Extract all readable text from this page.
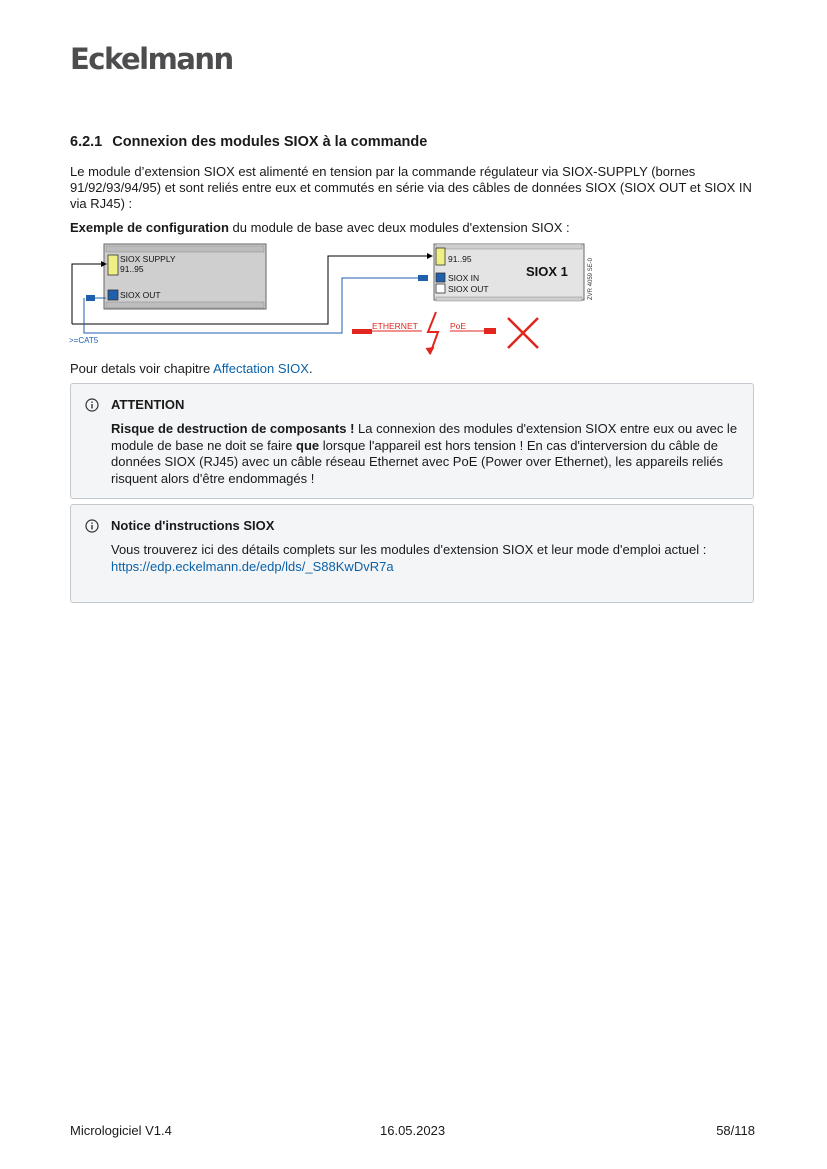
Eckelmann
6.2.1 Connexion des modules SIOX à la commande

Le module d’extension SIOX est alimenté en tension par la commande régulateur via SIOX-SUPPLY (bornes 91/92/93/94/95) et sont reliés entre eux et commutés en série via des câbles de données SIOX (SIOX OUT et SIOX IN via RJ45) :

Exemple de configuration du module de base avec deux modules d'extension SIOX :

SIOX SUPPLY
91..95
SIOX OUT
91..95
SIOX IN
SIOX OUT
SIOX 1	ZVR 4059 SE-0
>=CAT5
ETHERNET	PoE

Pour detals voir chapitre Affectation SIOX.

ATTENTION
Risque de destruction de composants ! La connexion des modules d'extension SIOX entre eux ou avec le module de base ne doit se faire que lorsque l'appareil est hors tension ! En cas d'interversion du câble de données SIOX (RJ45) avec un câble réseau Ethernet avec PoE (Power over Ethernet), les appareils reliés risquent alors d'être endommagés !
Notice d'instructions SIOX
Vous trouverez ici des détails complets sur les modules d'extension SIOX et leur mode d'emploi actuel :
https://edp.eckelmann.de/edp/lds/_S88KwDvR7a
Micrologiciel V1.4	16.05.2023	58/118
